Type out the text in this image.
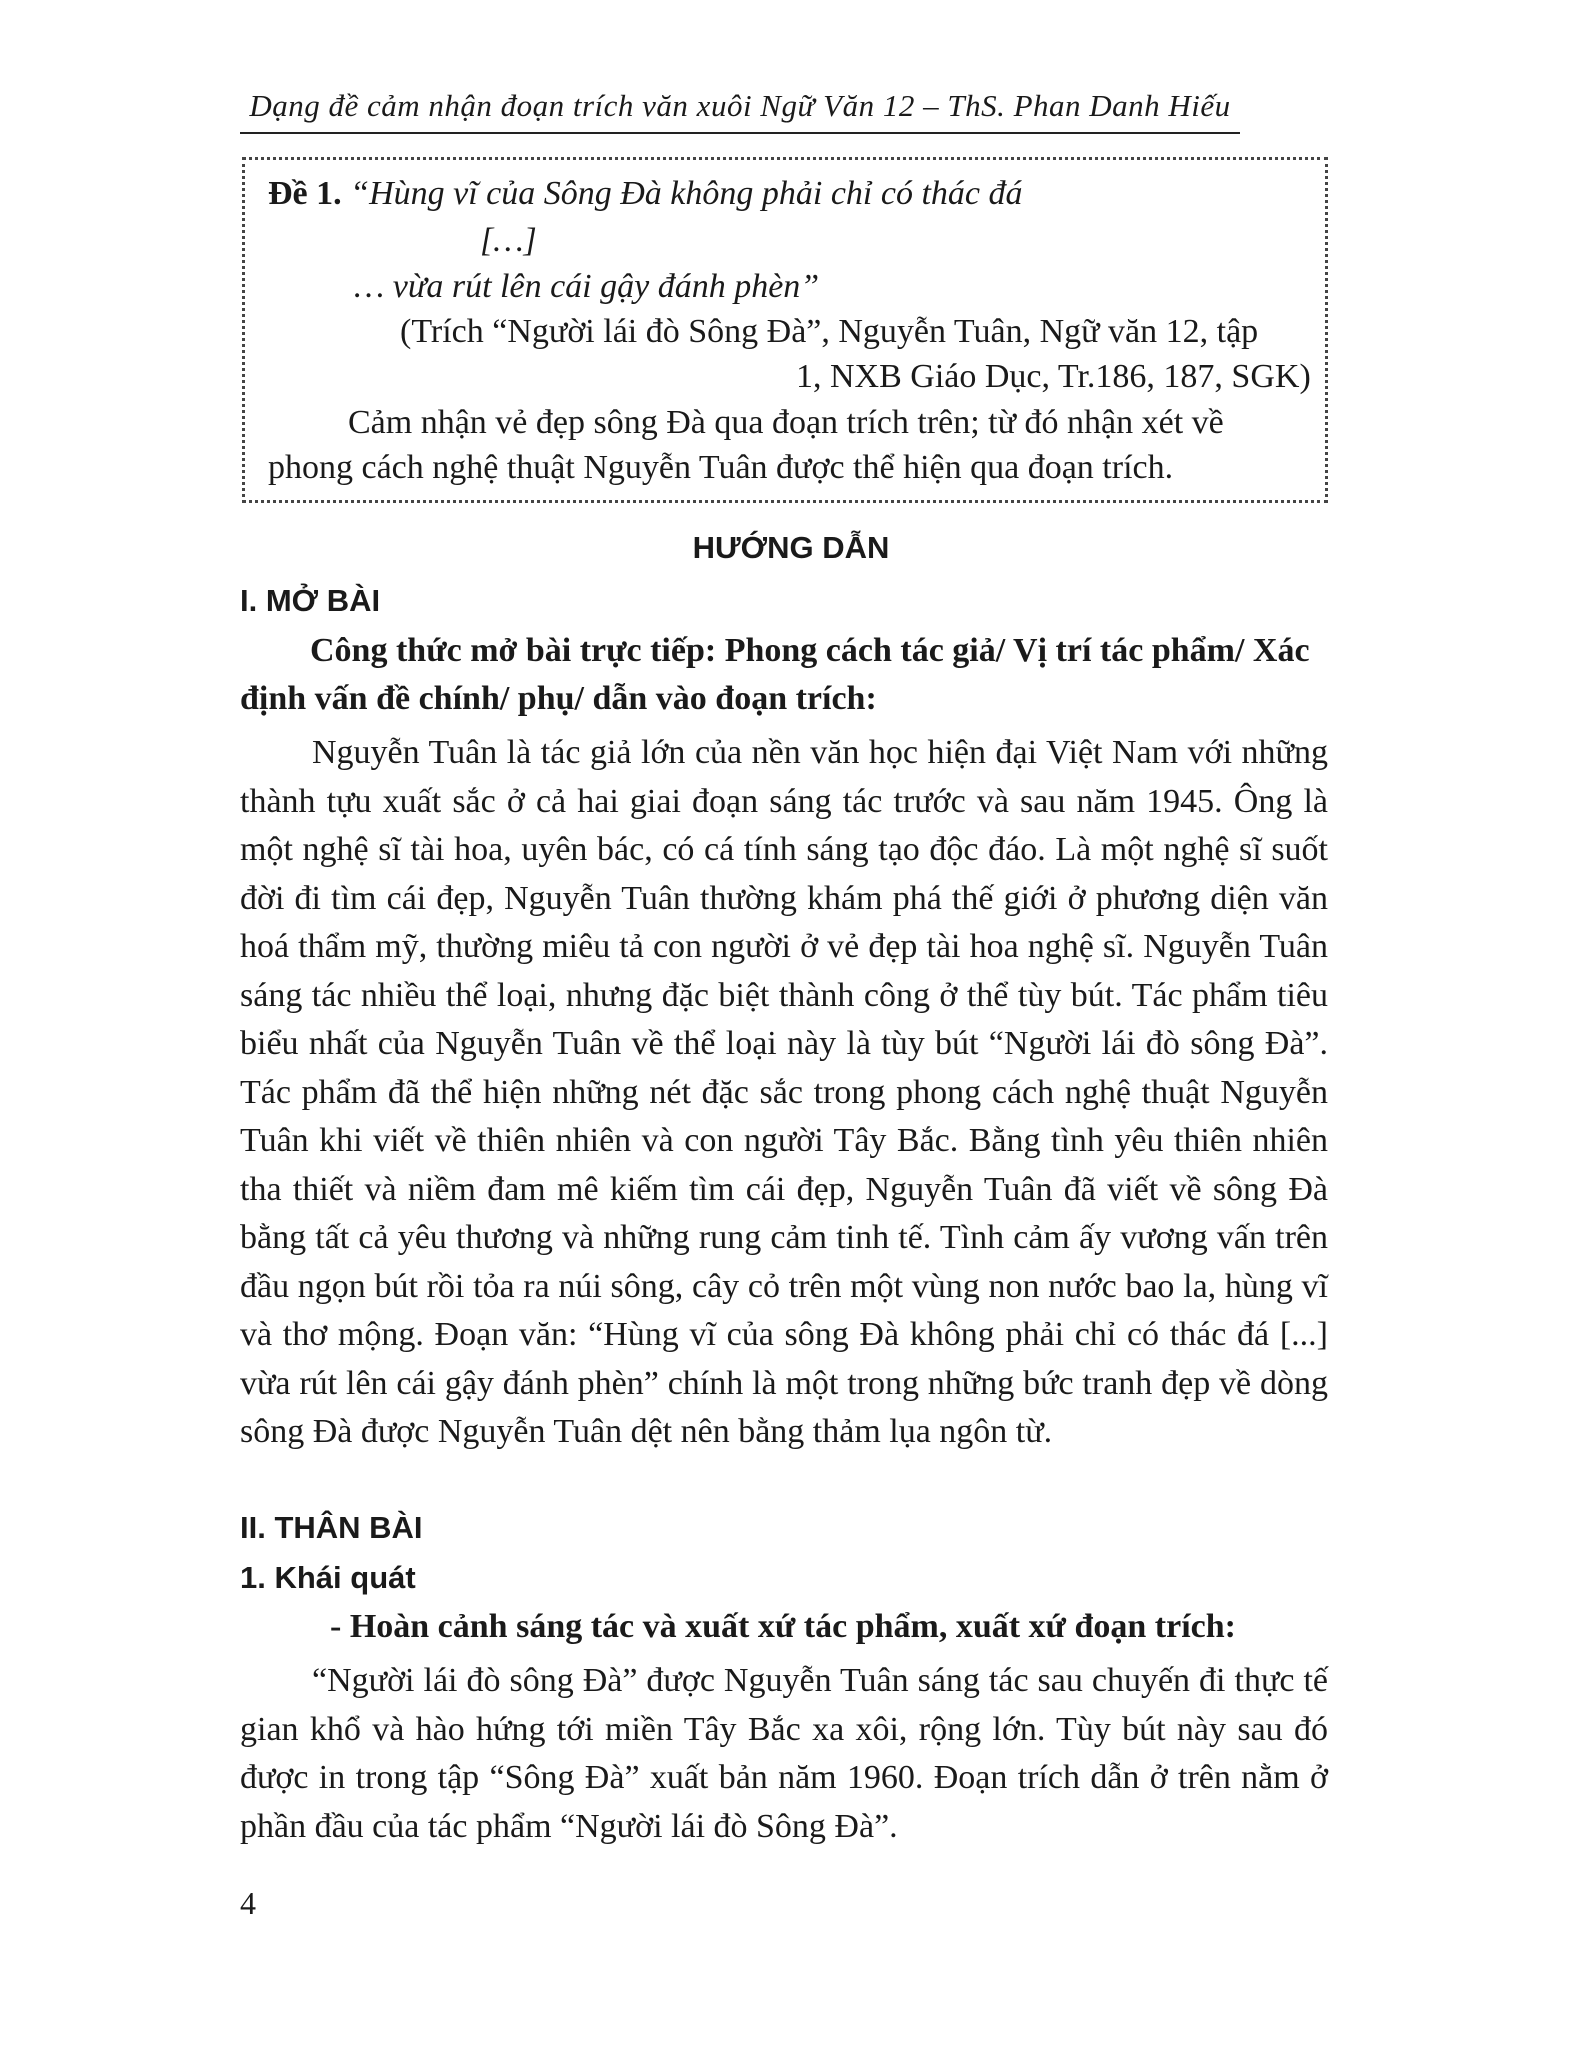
Dạng đề cảm nhận đoạn trích văn xuôi Ngữ Văn 12 – ThS. Phan Danh Hiếu
Đề 1. “Hùng vĩ của Sông Đà không phải chỉ có thác đá
[…]
… vừa rút lên cái gậy đánh phèn”
(Trích “Người lái đò Sông Đà”, Nguyễn Tuân, Ngữ văn 12, tập
1, NXB Giáo Dục, Tr.186, 187, SGK)
Cảm nhận vẻ đẹp sông Đà qua đoạn trích trên; từ đó nhận xét về
phong cách nghệ thuật Nguyễn Tuân được thể hiện qua đoạn trích.
HƯỚNG DẪN
I. MỞ BÀI
Công thức mở bài trực tiếp: Phong cách tác giả/ Vị trí tác phẩm/ Xác
định vấn đề chính/ phụ/ dẫn vào đoạn trích:
Nguyễn Tuân là tác giả lớn của nền văn học hiện đại Việt Nam với những thành tựu xuất sắc ở cả hai giai đoạn sáng tác trước và sau năm 1945. Ông là một nghệ sĩ tài hoa, uyên bác, có cá tính sáng tạo độc đáo. Là một nghệ sĩ suốt đời đi tìm cái đẹp, Nguyễn Tuân thường khám phá thế giới ở phương diện văn hoá thẩm mỹ, thường miêu tả con người ở vẻ đẹp tài hoa nghệ sĩ. Nguyễn Tuân sáng tác nhiều thể loại, nhưng đặc biệt thành công ở thể tùy bút. Tác phẩm tiêu biểu nhất của Nguyễn Tuân về thể loại này là tùy bút “Người lái đò sông Đà”. Tác phẩm đã thể hiện những nét đặc sắc trong phong cách nghệ thuật Nguyễn Tuân khi viết về thiên nhiên và con người Tây Bắc. Bằng tình yêu thiên nhiên tha thiết và niềm đam mê kiếm tìm cái đẹp, Nguyễn Tuân đã viết về sông Đà bằng tất cả yêu thương và những rung cảm tinh tế. Tình cảm ấy vương vấn trên đầu ngọn bút rồi tỏa ra núi sông, cây cỏ trên một vùng non nước bao la, hùng vĩ và thơ mộng. Đoạn văn: “Hùng vĩ của sông Đà không phải chỉ có thác đá [...] vừa rút lên cái gậy đánh phèn” chính là một trong những bức tranh đẹp về dòng sông Đà được Nguyễn Tuân dệt nên bằng thảm lụa ngôn từ.
II. THÂN BÀI
1. Khái quát
- Hoàn cảnh sáng tác và xuất xứ tác phẩm, xuất xứ đoạn trích:
“Người lái đò sông Đà” được Nguyễn Tuân sáng tác sau chuyến đi thực tế gian khổ và hào hứng tới miền Tây Bắc xa xôi, rộng lớn. Tùy bút này sau đó được in trong tập “Sông Đà” xuất bản năm 1960. Đoạn trích dẫn ở trên nằm ở phần đầu của tác phẩm “Người lái đò Sông Đà”.
4
